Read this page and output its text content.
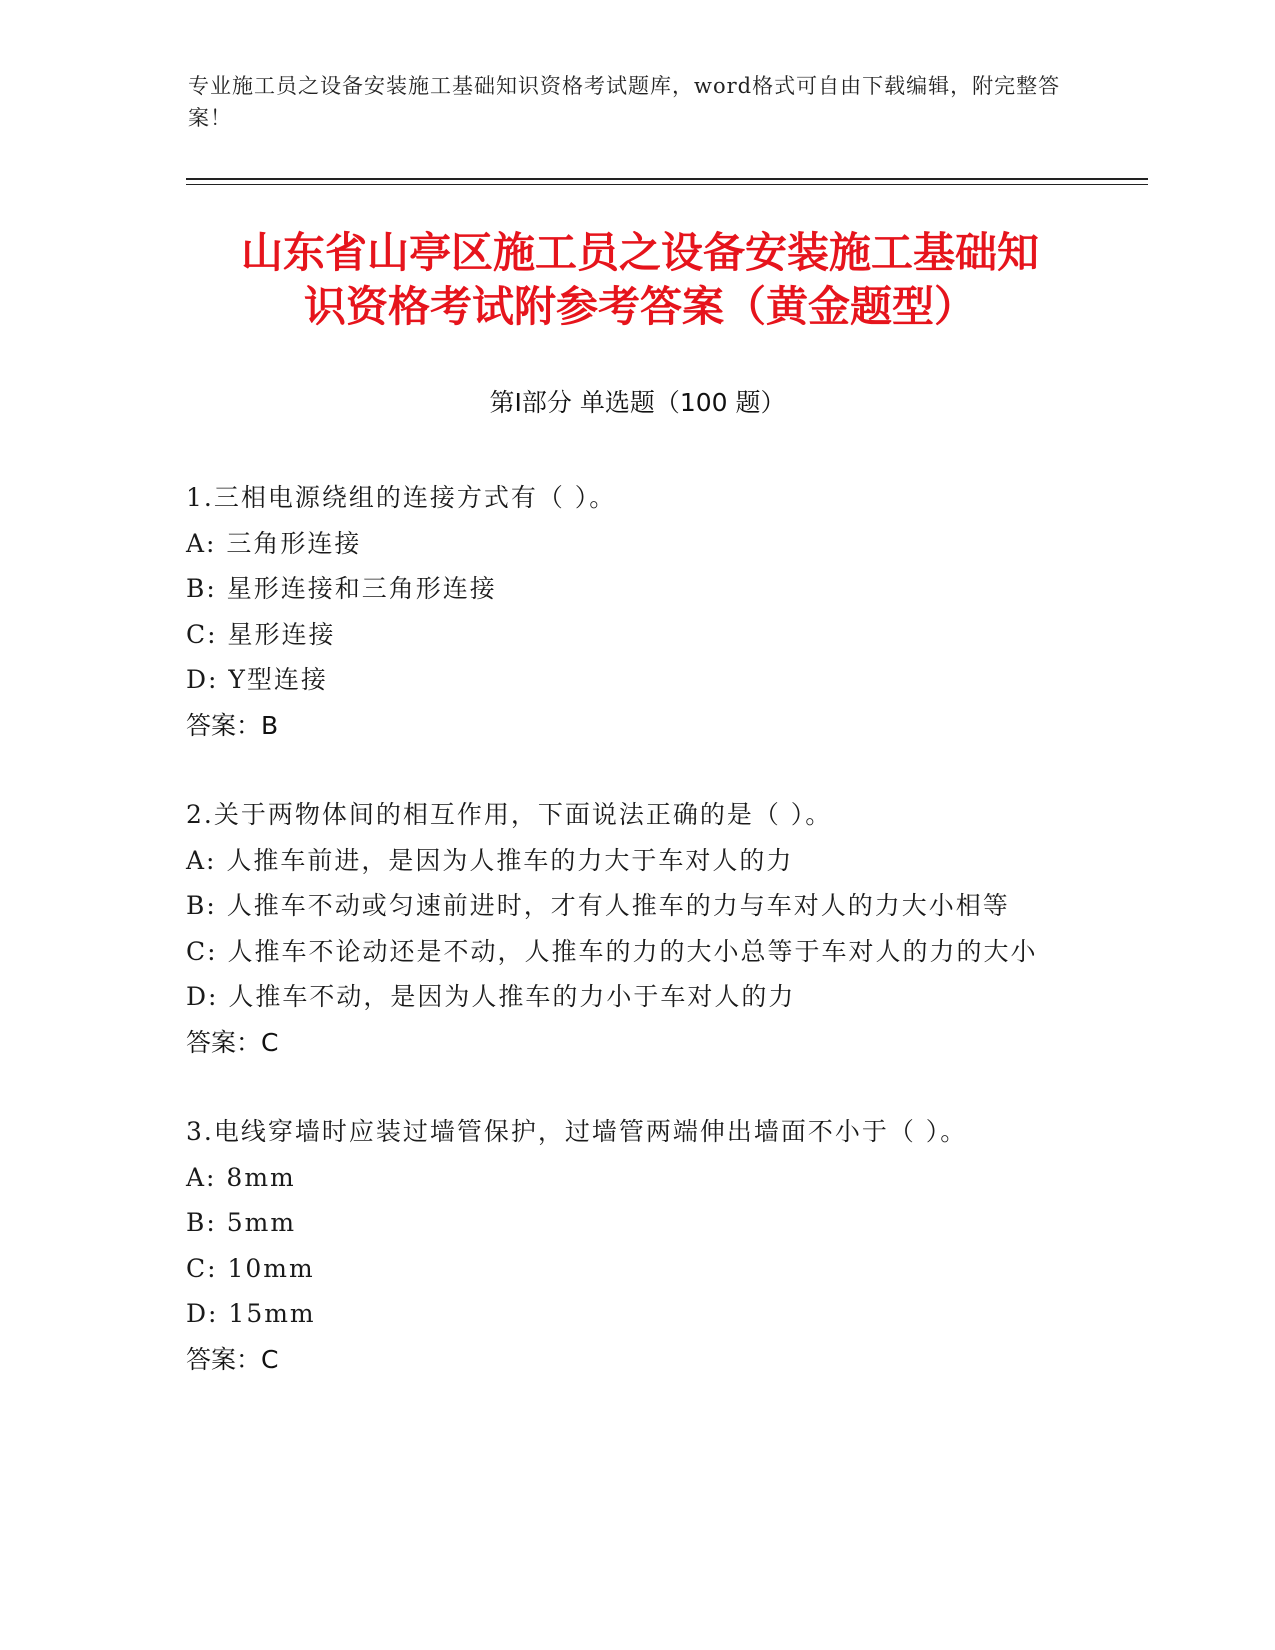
专业施工员之设备安装施工基础知识资格考试题库，word格式可自由下载编辑，附完整答案！
山东省山亭区施工员之设备安装施工基础知
识资格考试附参考答案（黄金题型）
第Ⅰ部分 单选题（100 题）
1.三相电源绕组的连接方式有（ ）。
A: 三角形连接
B: 星形连接和三角形连接
C: 星形连接
D: Y型连接
答案：B
2.关于两物体间的相互作用，下面说法正确的是（ ）。
A: 人推车前进，是因为人推车的力大于车对人的力
B: 人推车不动或匀速前进时，才有人推车的力与车对人的力大小相等
C: 人推车不论动还是不动，人推车的力的大小总等于车对人的力的大小
D: 人推车不动，是因为人推车的力小于车对人的力
答案：C
3.电线穿墙时应装过墙管保护，过墙管两端伸出墙面不小于（ ）。
A: 8mm
B: 5mm
C: 10mm
D: 15mm
答案：C
